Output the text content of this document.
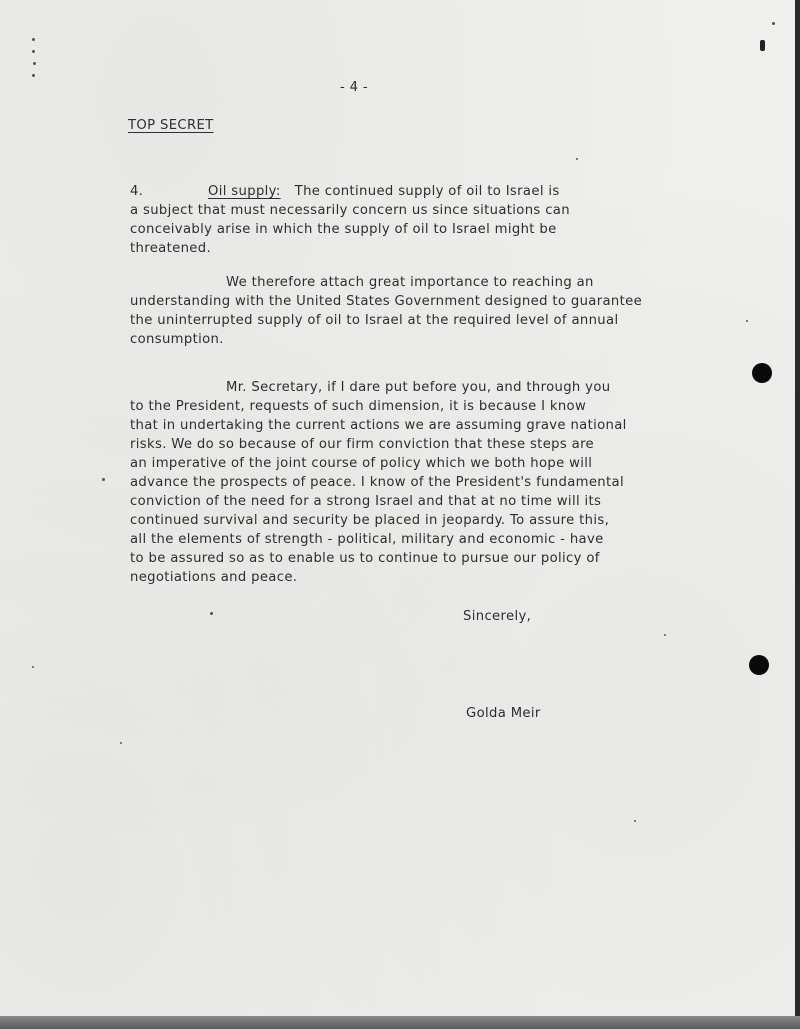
- 4 -
TOP SECRET
4.	Oil supply: The continued supply of oil to Israel is
a subject that must necessarily concern us since situations can
conceivably arise in which the supply of oil to Israel might be
threatened.
We therefore attach great importance to reaching an
understanding with the United States Government designed to guarantee
the uninterrupted supply of oil to Israel at the required level of annual
consumption.
Mr. Secretary, if I dare put before you, and through you
to the President, requests of such dimension, it is because I know
that in undertaking the current actions we are assuming grave national
risks. We do so because of our firm conviction that these steps are
an imperative of the joint course of policy which we both hope will
advance the prospects of peace. I know of the President's fundamental
conviction of the need for a strong Israel and that at no time will its
continued survival and security be placed in jeopardy. To assure this,
all the elements of strength - political, military and economic - have
to be assured so as to enable us to continue to pursue our policy of
negotiations and peace.
Sincerely,
Golda Meir
